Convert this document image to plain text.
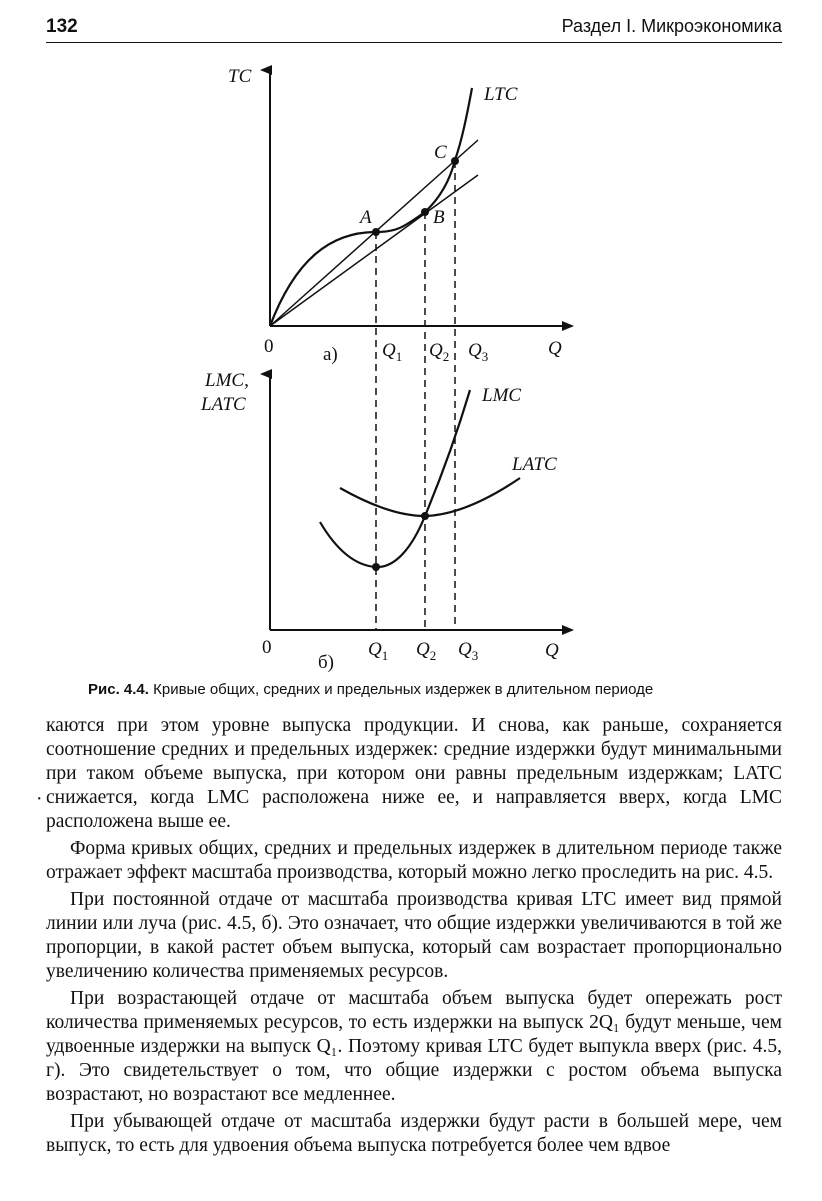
132	Раздел I. Микроэкономика
TC
LTC
A	B
C
0	а)	Q
$Q_1$ $Q_2$ $Q_3$
LMC,
LATC	LMC
LATC
0
б)
Q
$Q_1$ $Q_2$ $Q_3$
Рис. 4.4. Кривые общих, средних и предельных издержек в длительном периоде
·

каются при этом уровне выпуска продукции. И снова, как раньше, сохраняется соотношение средних и предельных издержек: средние издержки будут минимальными при таком объеме выпуска, при котором они равны предельным издержкам; LATC снижается, когда LMC расположена ниже ее, и направляется вверх, когда LMC расположена выше ее.

Форма кривых общих, средних и предельных издержек в длительном периоде также отражает эффект масштаба производства, который можно легко проследить на рис. 4.5.

При постоянной отдаче от масштаба производства кривая LTC имеет вид прямой линии или луча (рис. 4.5, б). Это означает, что общие издержки увеличиваются в той же пропорции, в какой растет объем выпуска, который сам возрастает пропорционально увеличению количества применяемых ресурсов.

При возрастающей отдаче от масштаба объем выпуска будет опережать рост количества применяемых ресурсов, то есть издержки на выпуск 2Q₁ будут меньше, чем удвоенные издержки на выпуск Q₁. Поэтому кривая LTC будет выпукла вверх (рис. 4.5, г). Это свидетельствует о том, что общие издержки с ростом объема выпуска возрастают, но возрастают все медленнее.

При убывающей отдаче от масштаба издержки будут расти в большей мере, чем выпуск, то есть для удвоения объема выпуска потребуется более чем вдвое
